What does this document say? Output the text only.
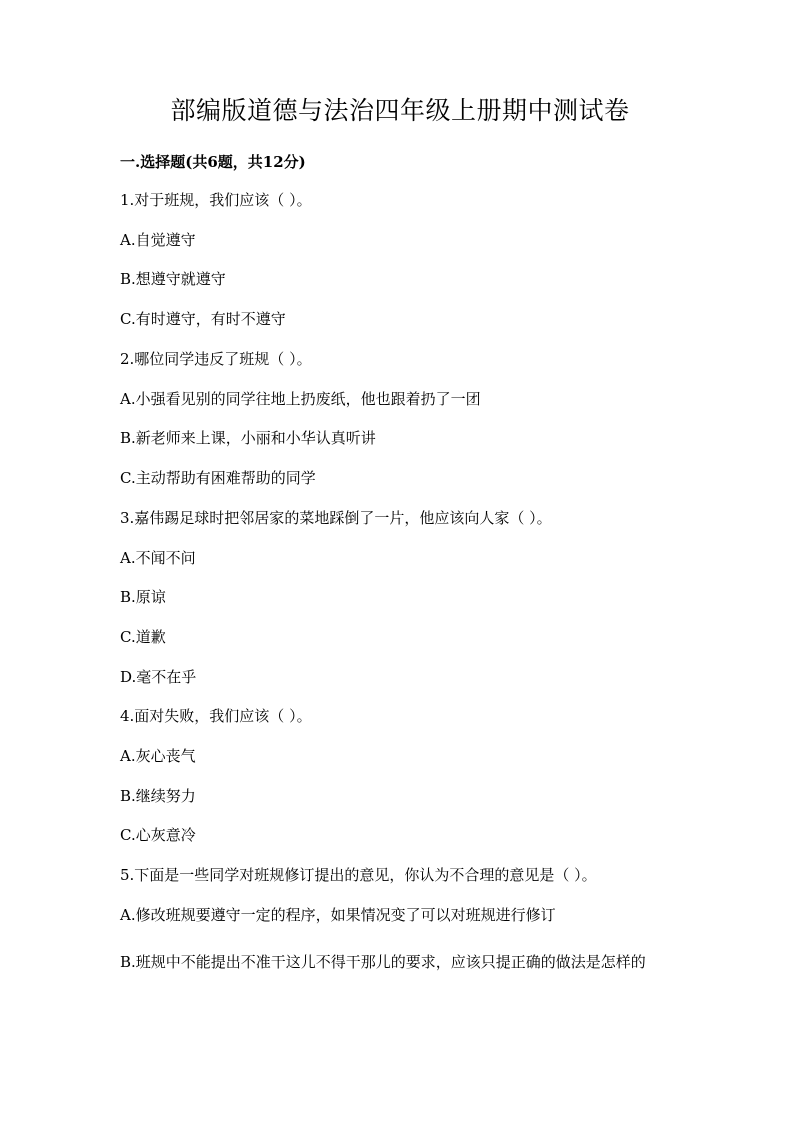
部编版道德与法治四年级上册期中测试卷
一.选择题(共6题，共12分)
1.对于班规，我们应该（ ）。
A.自觉遵守
B.想遵守就遵守
C.有时遵守，有时不遵守
2.哪位同学违反了班规（ ）。
A.小强看见别的同学往地上扔废纸，他也跟着扔了一团
B.新老师来上课，小丽和小华认真听讲
C.主动帮助有困难帮助的同学
3.嘉伟踢足球时把邻居家的菜地踩倒了一片，他应该向人家（ ）。
A.不闻不问
B.原谅
C.道歉
D.毫不在乎
4.面对失败，我们应该（ ）。
A.灰心丧气
B.继续努力
C.心灰意冷
5.下面是一些同学对班规修订提出的意见，你认为不合理的意见是（ ）。
A.修改班规要遵守一定的程序，如果情况变了可以对班规进行修订
B.班规中不能提出不准干这儿不得干那儿的要求，应该只提正确的做法是怎样的
